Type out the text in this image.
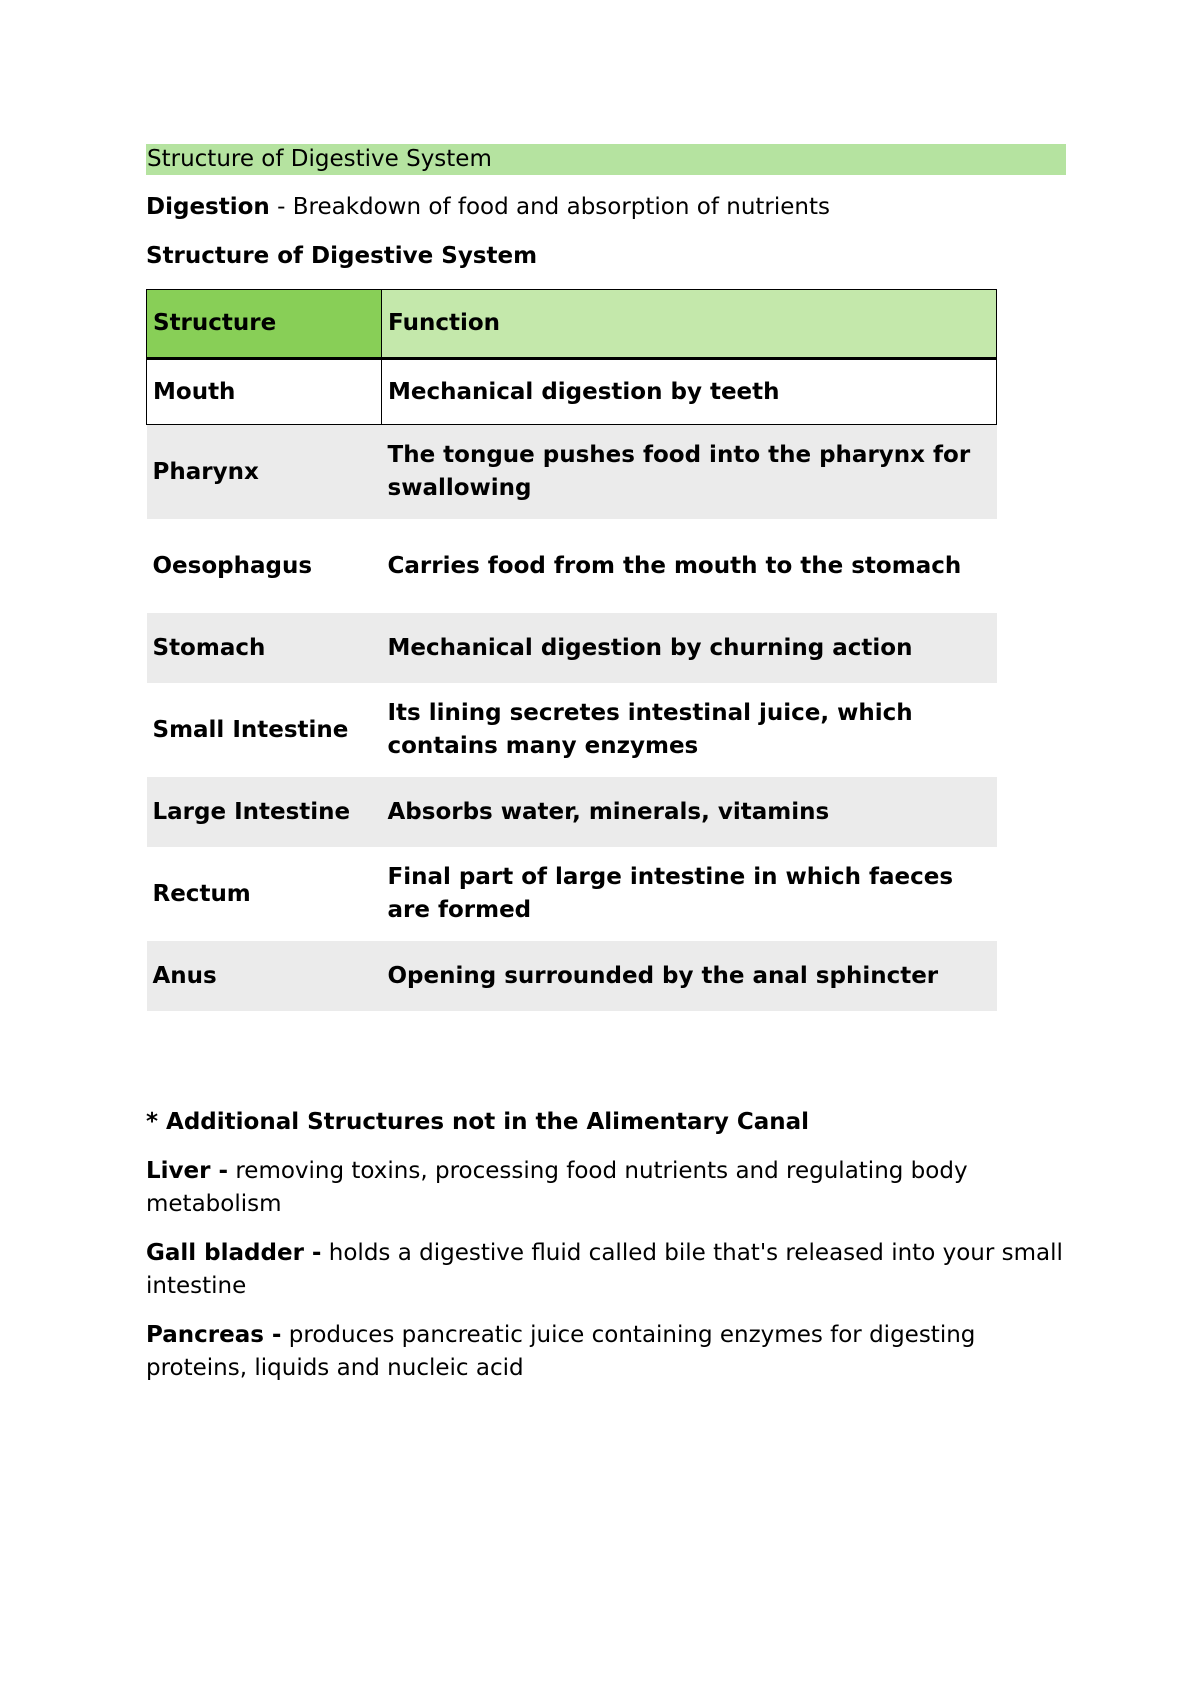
Structure of Digestive System

Digestion - Breakdown of food and absorption of nutrients

Structure of Digestive System
Structure	Function
Mouth	Mechanical digestion by teeth
Pharynx	The tongue pushes food into the pharynx for swallowing
Oesophagus	Carries food from the mouth to the stomach
Stomach	Mechanical digestion by churning action
Small Intestine	Its lining secretes intestinal juice, which contains many enzymes
Large Intestine	Absorbs water, minerals, vitamins
Rectum	Final part of large intestine in which faeces are formed
Anus	Opening surrounded by the anal sphincter
* Additional Structures not in the Alimentary Canal

Liver - removing toxins, processing food nutrients and regulating body metabolism

Gall bladder - holds a digestive fluid called bile that's released into your small intestine

Pancreas - produces pancreatic juice containing enzymes for digesting proteins, liquids and nucleic acid
